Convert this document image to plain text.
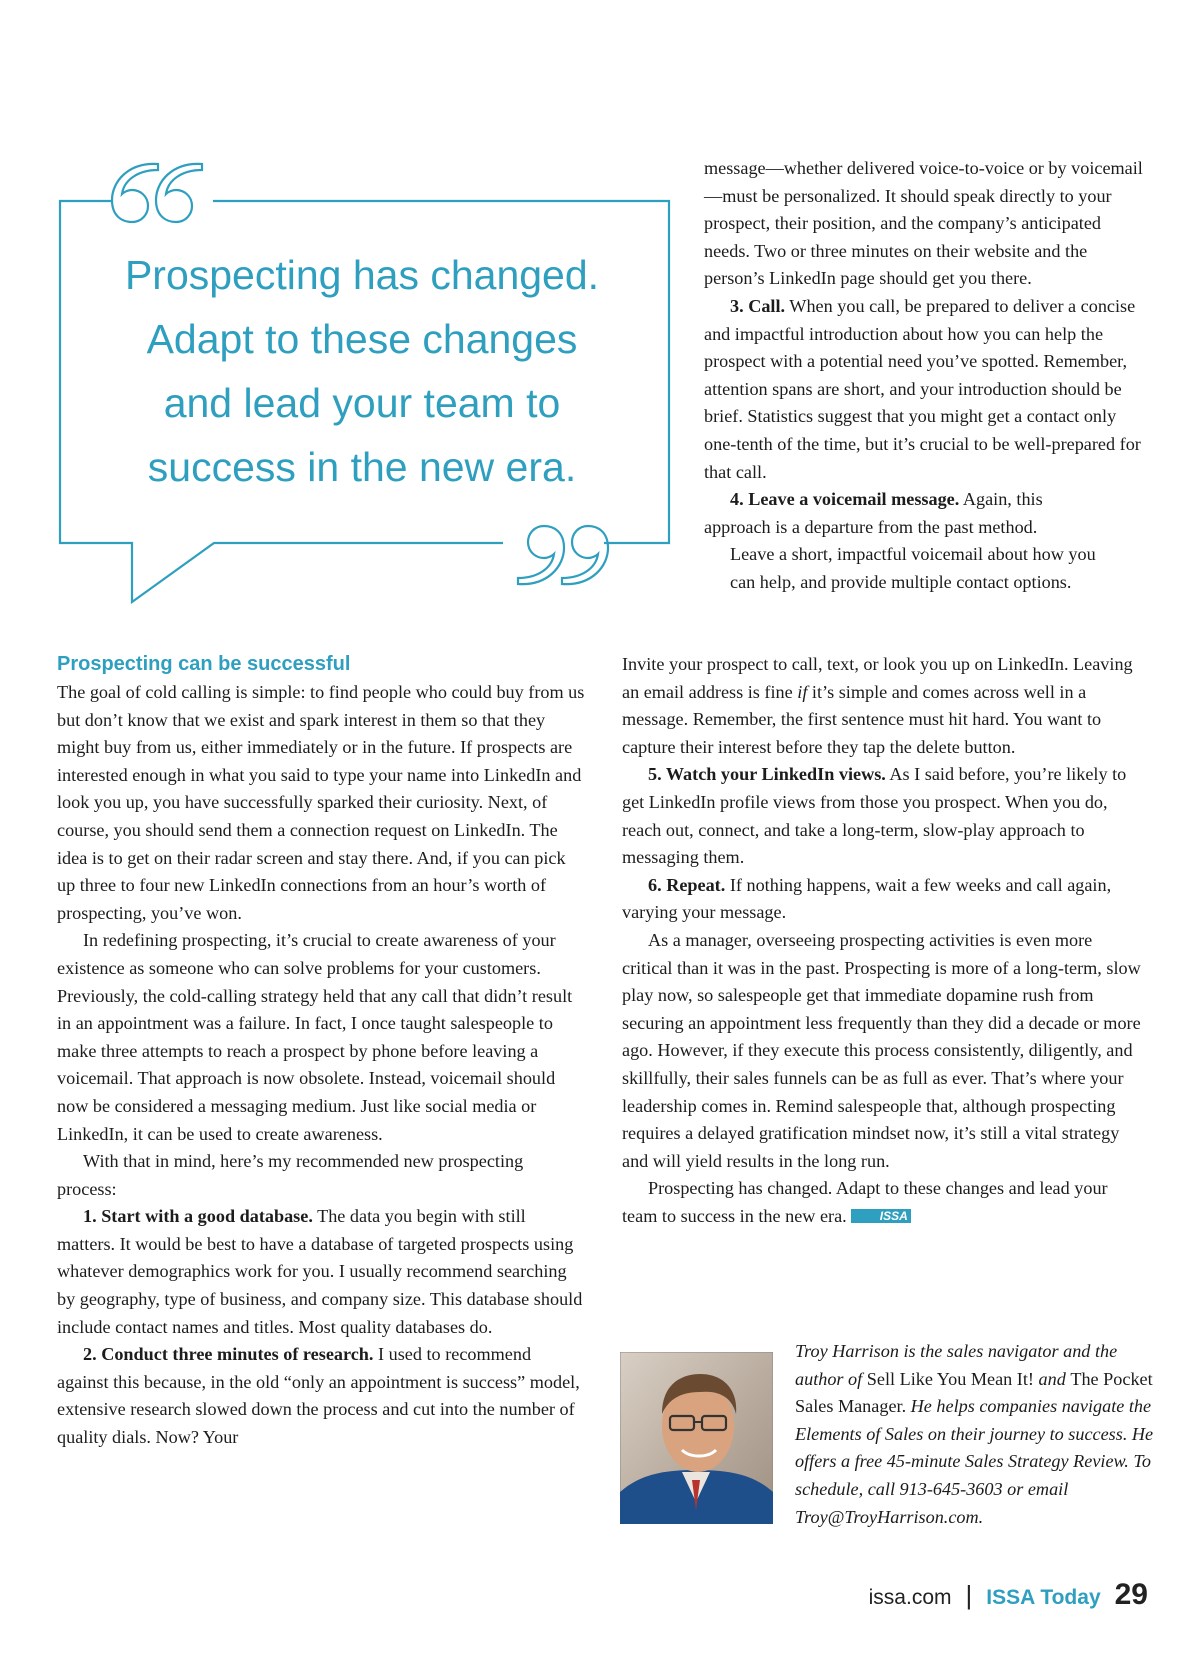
Prospecting has changed.
Adapt to these changes
and lead your team to
success in the new era.

message—whether delivered voice-to-voice or by voicemail—must be personalized. It should speak directly to your prospect, their position, and the company’s anticipated needs. Two or three minutes on their website and the person’s LinkedIn page should get you there.

3. Call. When you call, be prepared to deliver a concise and impactful introduction about how you can help the prospect with a potential need you’ve spotted. Remember, attention spans are short, and your introduction should be brief. Statistics suggest that you might get a contact only one-tenth of the time, but it’s crucial to be well-prepared for that call.

4. Leave a voicemail message. Again, this
approach is a departure from the past method.
Leave a short, impactful voicemail about how you
can help, and provide multiple contact options.

Prospecting can be successful

The goal of cold calling is simple: to find people who could buy from us but don’t know that we exist and spark interest in them so that they might buy from us, either immediately or in the future. If prospects are interested enough in what you said to type your name into LinkedIn and look you up, you have successfully sparked their curiosity. Next, of course, you should send them a connection request on LinkedIn. The idea is to get on their radar screen and stay there. And, if you can pick up three to four new LinkedIn connections from an hour’s worth of prospecting, you’ve won.

In redefining prospecting, it’s crucial to create awareness of your existence as someone who can solve problems for your customers. Previously, the cold-calling strategy held that any call that didn’t result in an appointment was a failure. In fact, I once taught salespeople to make three attempts to reach a prospect by phone before leaving a voicemail. That approach is now obsolete. Instead, voicemail should now be considered a messaging medium. Just like social media or LinkedIn, it can be used to create awareness.

With that in mind, here’s my recommended new prospecting process:

1. Start with a good database. The data you begin with still matters. It would be best to have a database of targeted prospects using whatever demographics work for you. I usually recommend searching by geography, type of business, and company size. This database should include contact names and titles. Most quality databases do.

2. Conduct three minutes of research. I used to recommend against this because, in the old “only an appointment is success” model, extensive research slowed down the process and cut into the number of quality dials. Now? Your

Invite your prospect to call, text, or look you up on LinkedIn. Leaving an email address is fine if it’s simple and comes across well in a message. Remember, the first sentence must hit hard. You want to capture their interest before they tap the delete button.

5. Watch your LinkedIn views. As I said before, you’re likely to get LinkedIn profile views from those you prospect. When you do, reach out, connect, and take a long-term, slow-play approach to messaging them.

6. Repeat. If nothing happens, wait a few weeks and call again, varying your message.

As a manager, overseeing prospecting activities is even more critical than it was in the past. Prospecting is more of a long-term, slow play now, so salespeople get that immediate dopamine rush from securing an appointment less frequently than they did a decade or more ago. However, if they execute this process consistently, diligently, and skillfully, their sales funnels can be as full as ever. That’s where your leadership comes in. Remind salespeople that, although prospecting requires a delayed gratification mindset now, it’s still a vital strategy and will yield results in the long run.

Prospecting has changed. Adapt to these changes and lead your team to success in the new era.	ISSA

Troy Harrison is the sales navigator and the author of Sell Like You Mean It! and The Pocket Sales Manager. He helps companies navigate the Elements of Sales on their journey to success. He offers a free 45-minute Sales Strategy Review. To schedule, call 913-645-3603 or email Troy@TroyHarrison.com.
issa.com | ISSA Today 29
